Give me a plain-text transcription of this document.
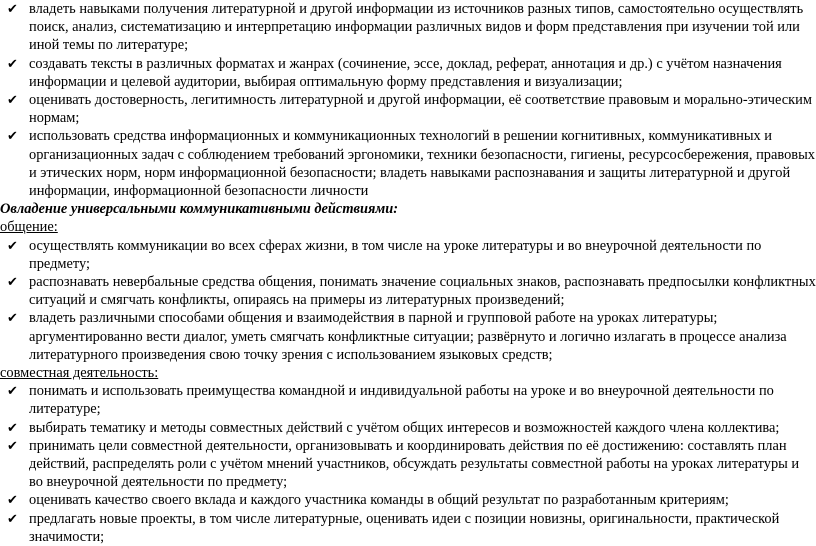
✔ владеть навыками получения литературной и другой информации из источников разных типов, самостоятельно осуществлять поиск, анализ, систематизацию и интерпретацию информации различных видов и форм представления при изучении той или иной темы по литературе;
✔ создавать тексты в различных форматах и жанрах (сочинение, эссе, доклад, реферат, аннотация и др.) с учётом назначения информации и целевой аудитории, выбирая оптимальную форму представления и визуализации;
✔ оценивать достоверность, легитимность литературной и другой информации, её соответствие правовым и морально-этическим нормам;
✔ использовать средства информационных и коммуникационных технологий в решении когнитивных, коммуникативных и организационных задач с соблюдением требований эргономики, техники безопасности, гигиены, ресурсосбережения, правовых и этических норм, норм информационной безопасности; владеть навыками распознавания и защиты литературной и другой информации, информационной безопасности личности

Овладение универсальными коммуникативными действиями:

общение:

✔ осуществлять коммуникации во всех сферах жизни, в том числе на уроке литературы и во внеурочной деятельности по предмету;
✔ распознавать невербальные средства общения, понимать значение социальных знаков, распознавать предпосылки конфликтных ситуаций и смягчать конфликты, опираясь на примеры из литературных произведений;
✔ владеть различными способами общения и взаимодействия в парной и групповой работе на уроках литературы; аргументированно вести диалог, уметь смягчать конфликтные ситуации; развёрнуто и логично излагать в процессе анализа литературного произведения свою точку зрения с использованием языковых средств;

совместная деятельность:

✔ понимать и использовать преимущества командной и индивидуальной работы на уроке и во внеурочной деятельности по литературе;
✔ выбирать тематику и методы совместных действий с учётом общих интересов и возможностей каждого члена коллектива;
✔ принимать цели совместной деятельности, организовывать и координировать действия по её достижению: составлять план действий, распределять роли с учётом мнений участников, обсуждать результаты совместной работы на уроках литературы и во внеурочной деятельности по предмету;
✔ оценивать качество своего вклада и каждого участника команды в общий результат по разработанным критериям;
✔ предлагать новые проекты, в том числе литературные, оценивать идеи с позиции новизны, оригинальности, практической значимости;
